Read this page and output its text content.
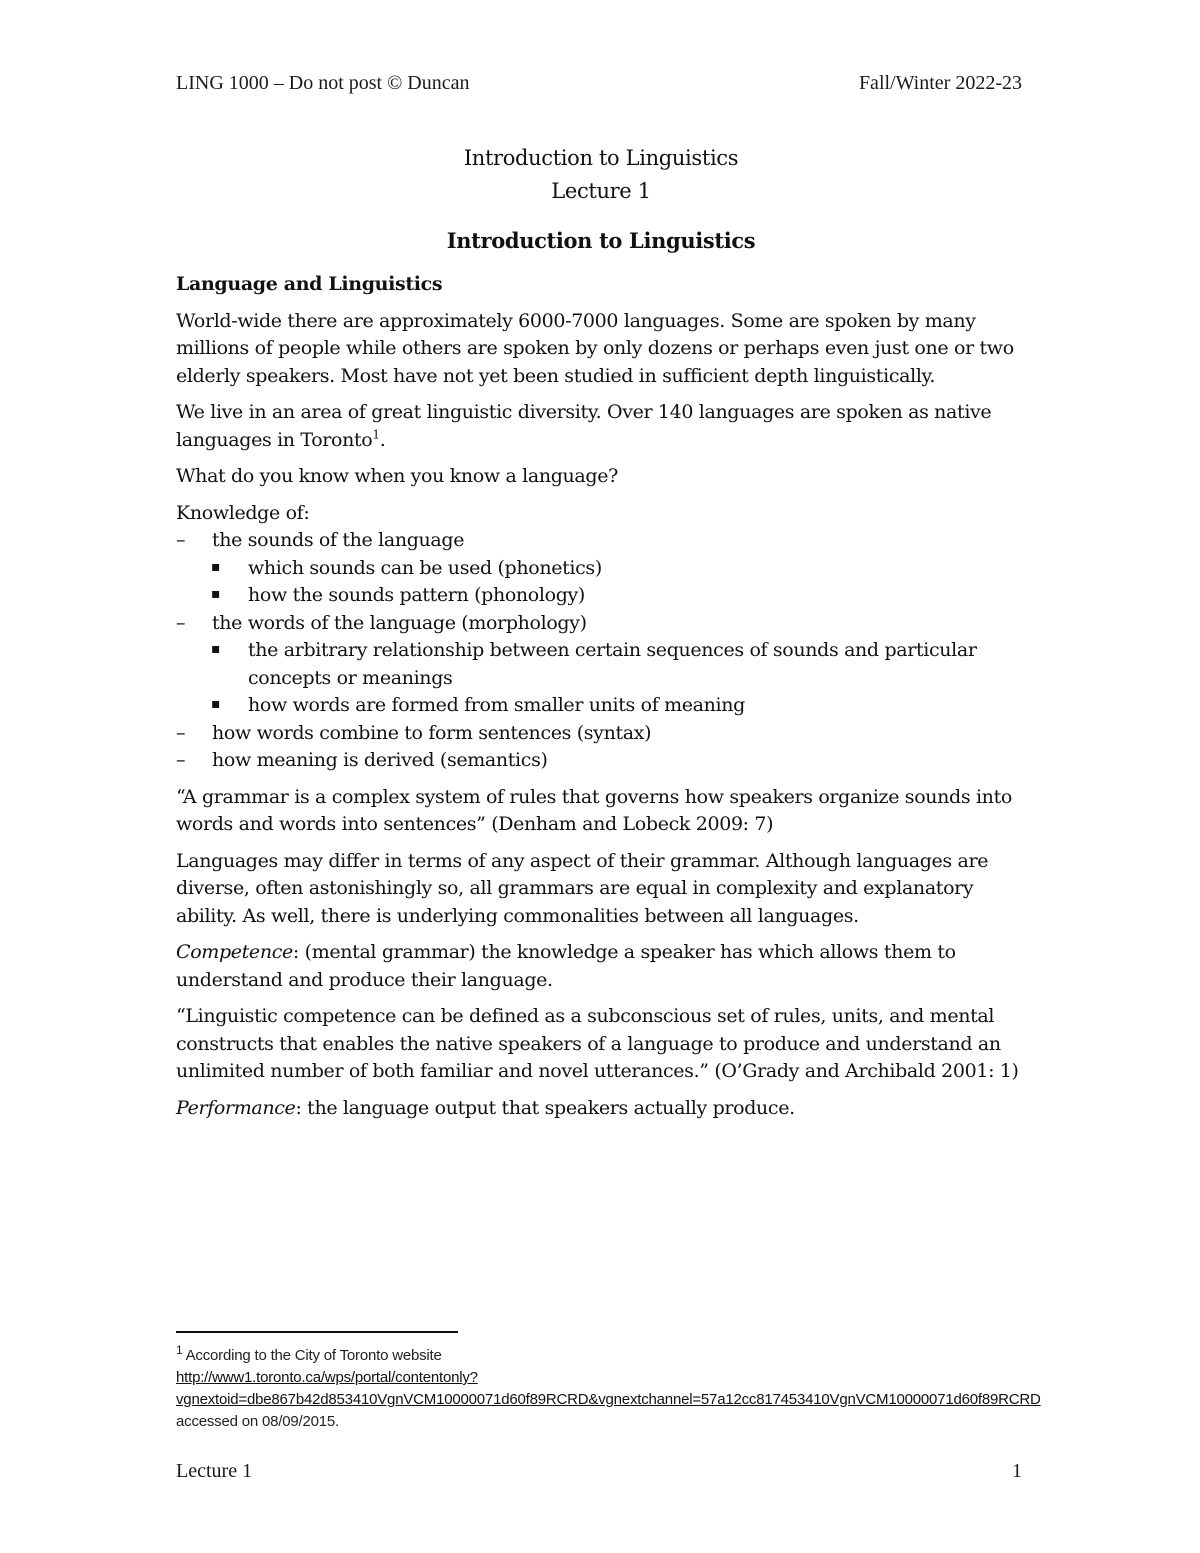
LING 1000 – Do not post © Duncan	Fall/Winter 2022-23
Introduction to Linguistics
Lecture 1
Introduction to Linguistics
Language and Linguistics

World-wide there are approximately 6000-7000 languages. Some are spoken by many millions of people while others are spoken by only dozens or perhaps even just one or two elderly speakers. Most have not yet been studied in sufficient depth linguistically.

We live in an area of great linguistic diversity. Over 140 languages are spoken as native languages in Toronto$^1$.

What do you know when you know a language?

Knowledge of:

–	the sounds of the language
▪ which sounds can be used (phonetics)
▪ how the sounds pattern (phonology)
–	the words of the language (morphology)
▪ the arbitrary relationship between certain sequences of sounds and particular concepts or meanings
▪ how words are formed from smaller units of meaning
–	how words combine to form sentences (syntax)
–	how meaning is derived (semantics)

“A grammar is a complex system of rules that governs how speakers organize sounds into words and words into sentences” (Denham and Lobeck 2009: 7)

Languages may differ in terms of any aspect of their grammar. Although languages are diverse, often astonishingly so, all grammars are equal in complexity and explanatory ability. As well, there is underlying commonalities between all languages.

Competence: (mental grammar) the knowledge a speaker has which allows them to understand and produce their language.

“Linguistic competence can be defined as a subconscious set of rules, units, and mental constructs that enables the native speakers of a language to produce and understand an unlimited number of both familiar and novel utterances.” (O’Grady and Archibald 2001: 1)

Performance: the language output that speakers actually produce.

$^1$ According to the City of Toronto website
http://www1.toronto.ca/wps/portal/contentonly?vgnextoid=dbe867b42d853410VgnVCM10000071d60f89RCRD&vgnextchannel=57a12cc817453410VgnVCM10000071d60f89RCRD accessed on 08/09/2015.
Lecture 1	1
